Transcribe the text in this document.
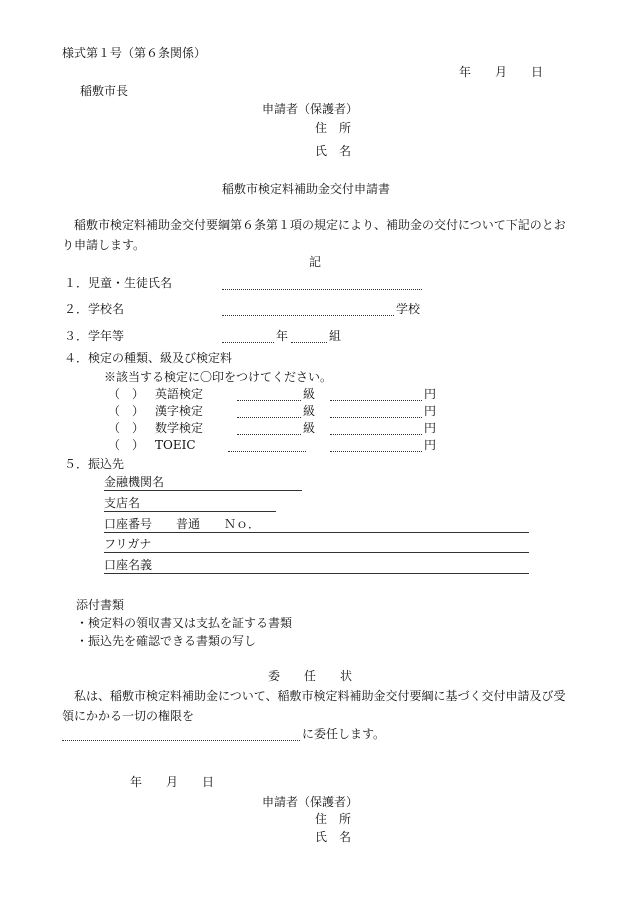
様式第１号（第６条関係）
年　　月　　日
稲敷市長
申請者（保護者）
住　所
氏　名
稲敷市検定料補助金交付申請書
稲敷市検定料補助金交付要綱第６条第１項の規定により、補助金の交付について下記のとおり申請します。
記
１．児童・生徒氏名
２．学校名	学校
３．学年等	年	組
４．検定の種類、級及び検定料
※該当する検定に〇印をつけてください。
（　） 英語検定	級	円
（　） 漢字検定	級	円
（　） 数学検定	級	円
（　） TOEIC	円
５．振込先
金融機関名
支店名
口座番号　　普通　　Ｎｏ．
フリガナ
口座名義
添付書類
・検定料の領収書又は支払を証する書類
・振込先を確認できる書類の写し
委　　任　　状
私は、稲敷市検定料補助金について、稲敷市検定料補助金交付要綱に基づく交付申請及び受領にかかる一切の権限を
に委任します。
年　　月　　日
申請者（保護者）
住　所
氏　名
